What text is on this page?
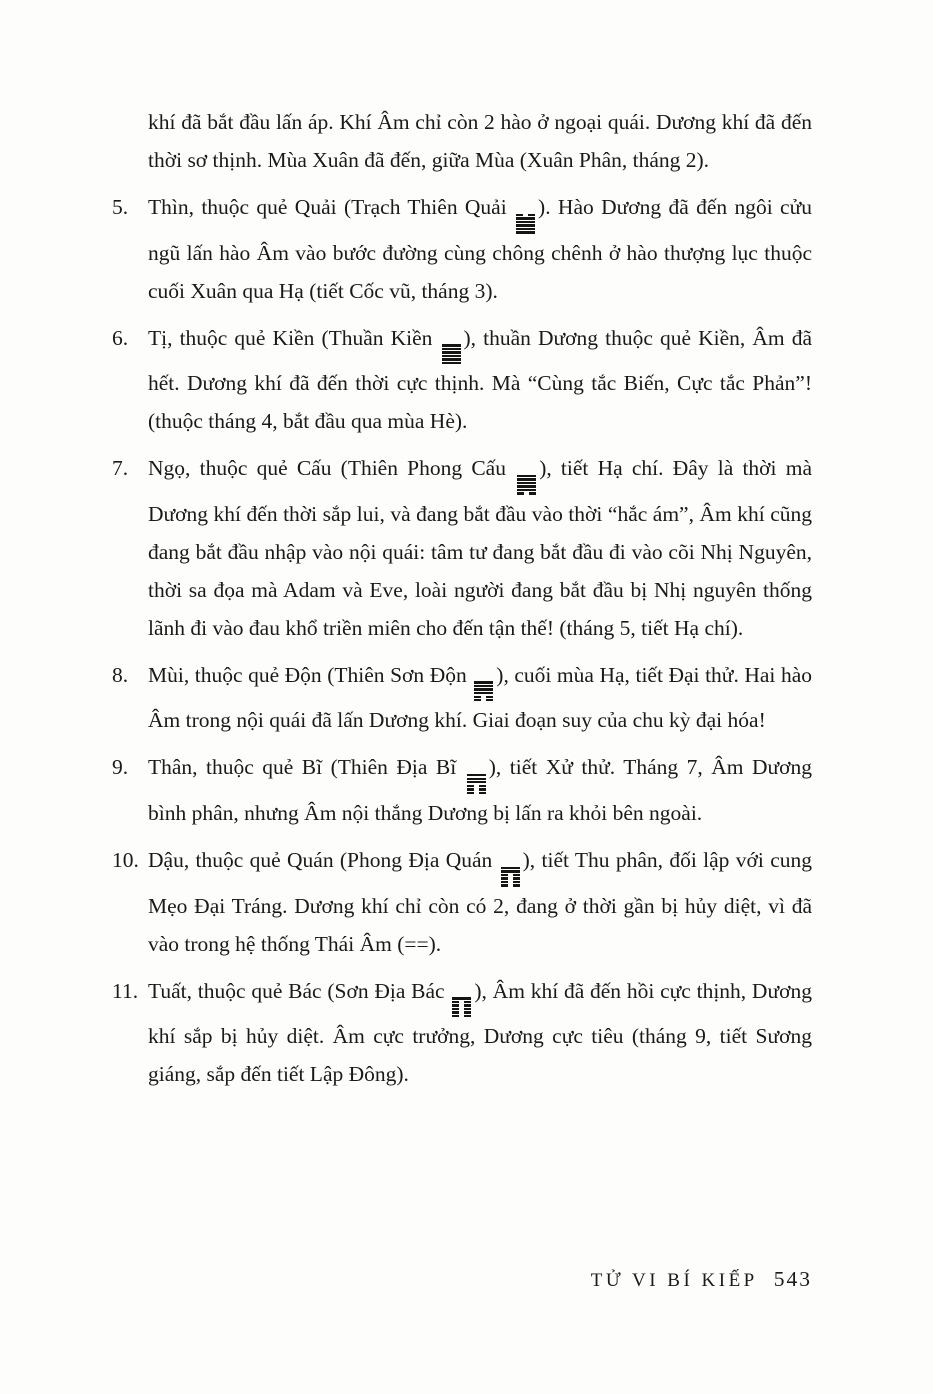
khí đã bắt đầu lấn áp. Khí Âm chỉ còn 2 hào ở ngoại quái. Dương khí đã đến thời sơ thịnh. Mùa Xuân đã đến, giữa Mùa (Xuân Phân, tháng 2).

5. Thìn, thuộc quẻ Quải (Trạch Thiên Quải
). Hào Dương đã đến ngôi cửu ngũ lấn hào Âm vào bước đường cùng chông chênh ở hào thượng lục thuộc cuối Xuân qua Hạ (tiết Cốc vũ, tháng 3).

6. Tị, thuộc quẻ Kiền (Thuần Kiền
), thuần Dương thuộc quẻ Kiền, Âm đã hết. Dương khí đã đến thời cực thịnh. Mà “Cùng tắc Biến, Cực tắc Phản”! (thuộc tháng 4, bắt đầu qua mùa Hè).

7. Ngọ, thuộc quẻ Cấu (Thiên Phong Cấu
), tiết Hạ chí. Đây là thời mà Dương khí đến thời sắp lui, và đang bắt đầu vào thời “hắc ám”, Âm khí cũng đang bắt đầu nhập vào nội quái: tâm tư đang bắt đầu đi vào cõi Nhị Nguyên, thời sa đọa mà Adam và Eve, loài người đang bắt đầu bị Nhị nguyên thống lãnh đi vào đau khổ triền miên cho đến tận thế! (tháng 5, tiết Hạ chí).

8. Mùi, thuộc quẻ Độn (Thiên Sơn Độn
), cuối mùa Hạ, tiết Đại thử. Hai hào Âm trong nội quái đã lấn Dương khí. Giai đoạn suy của chu kỳ đại hóa!

9. Thân, thuộc quẻ Bĩ (Thiên Địa Bĩ
), tiết Xử thử. Tháng 7, Âm Dương bình phân, nhưng Âm nội thắng Dương bị lấn ra khỏi bên ngoài.

10. Dậu, thuộc quẻ Quán (Phong Địa Quán
), tiết Thu phân, đối lập với cung Mẹo Đại Tráng. Dương khí chỉ còn có 2, đang ở thời gần bị hủy diệt, vì đã vào trong hệ thống Thái Âm (==).

11. Tuất, thuộc quẻ Bác (Sơn Địa Bác
), Âm khí đã đến hồi cực thịnh, Dương khí sắp bị hủy diệt. Âm cực trưởng, Dương cực tiêu (tháng 9, tiết Sương giáng, sắp đến tiết Lập Đông).

TỬ VI BÍ KIẾP 543
